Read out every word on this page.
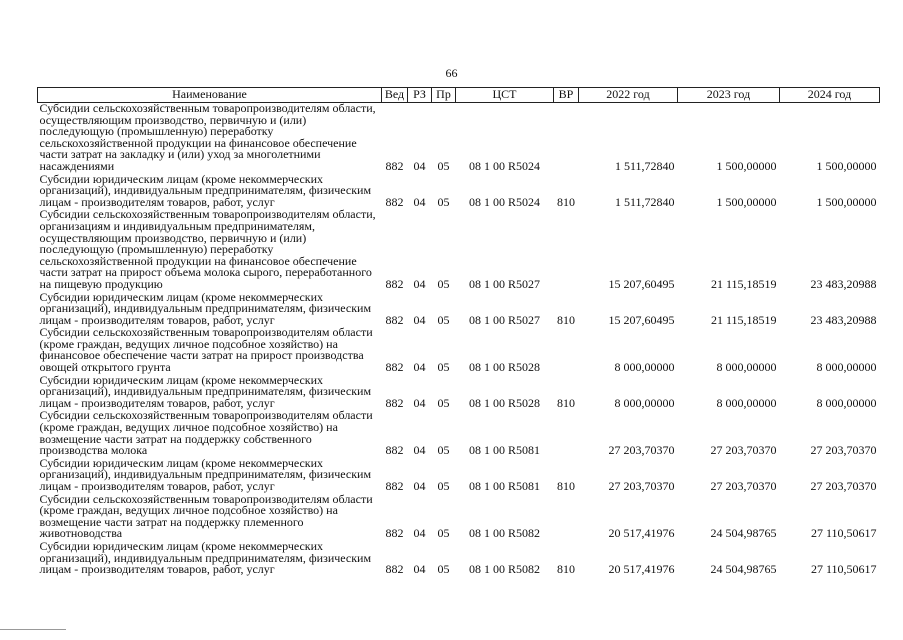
66
Наименование	Вед	РЗ	Пр	ЦСТ	ВР	2022 год	2023 год	2024 год
Субсидии сельскохозяйственным товаропроизводителям области, осуществляющим производство, первичную и (или) последующую (промышленную) переработку сельскохозяйственной продукции на финансовое обеспечение части затрат на закладку и (или) уход за многолетними насаждениями	882	04	05	08 1 00 R5024		1 511,72840	1 500,00000	1 500,00000
Субсидии юридическим лицам (кроме некоммерческих организаций), индивидуальным предпринимателям, физическим лицам - производителям товаров, работ, услуг	882	04	05	08 1 00 R5024	810	1 511,72840	1 500,00000	1 500,00000
Субсидии сельскохозяйственным товаропроизводителям области, организациям и индивидуальным предпринимателям, осуществляющим производство, первичную и (или) последующую (промышленную) переработку сельскохозяйственной продукции на финансовое обеспечение части затрат на прирост объема молока сырого, переработанного на пищевую продукцию	882	04	05	08 1 00 R5027		15 207,60495	21 115,18519	23 483,20988
Субсидии юридическим лицам (кроме некоммерческих организаций), индивидуальным предпринимателям, физическим лицам - производителям товаров, работ, услуг	882	04	05	08 1 00 R5027	810	15 207,60495	21 115,18519	23 483,20988
Субсидии сельскохозяйственным товаропроизводителям области (кроме граждан, ведущих личное подсобное хозяйство) на финансовое обеспечение части затрат на прирост производства овощей открытого грунта	882	04	05	08 1 00 R5028		8 000,00000	8 000,00000	8 000,00000
Субсидии юридическим лицам (кроме некоммерческих организаций), индивидуальным предпринимателям, физическим лицам - производителям товаров, работ, услуг	882	04	05	08 1 00 R5028	810	8 000,00000	8 000,00000	8 000,00000
Субсидии сельскохозяйственным товаропроизводителям области (кроме граждан, ведущих личное подсобное хозяйство) на возмещение части затрат на поддержку собственного производства молока	882	04	05	08 1 00 R5081		27 203,70370	27 203,70370	27 203,70370
Субсидии юридическим лицам (кроме некоммерческих организаций), индивидуальным предпринимателям, физическим лицам - производителям товаров, работ, услуг	882	04	05	08 1 00 R5081	810	27 203,70370	27 203,70370	27 203,70370
Субсидии сельскохозяйственным товаропроизводителям области (кроме граждан, ведущих личное подсобное хозяйство) на возмещение части затрат на поддержку племенного животноводства	882	04	05	08 1 00 R5082		20 517,41976	24 504,98765	27 110,50617
Субсидии юридическим лицам (кроме некоммерческих организаций), индивидуальным предпринимателям, физическим лицам - производителям товаров, работ, услуг	882	04	05	08 1 00 R5082	810	20 517,41976	24 504,98765	27 110,50617
